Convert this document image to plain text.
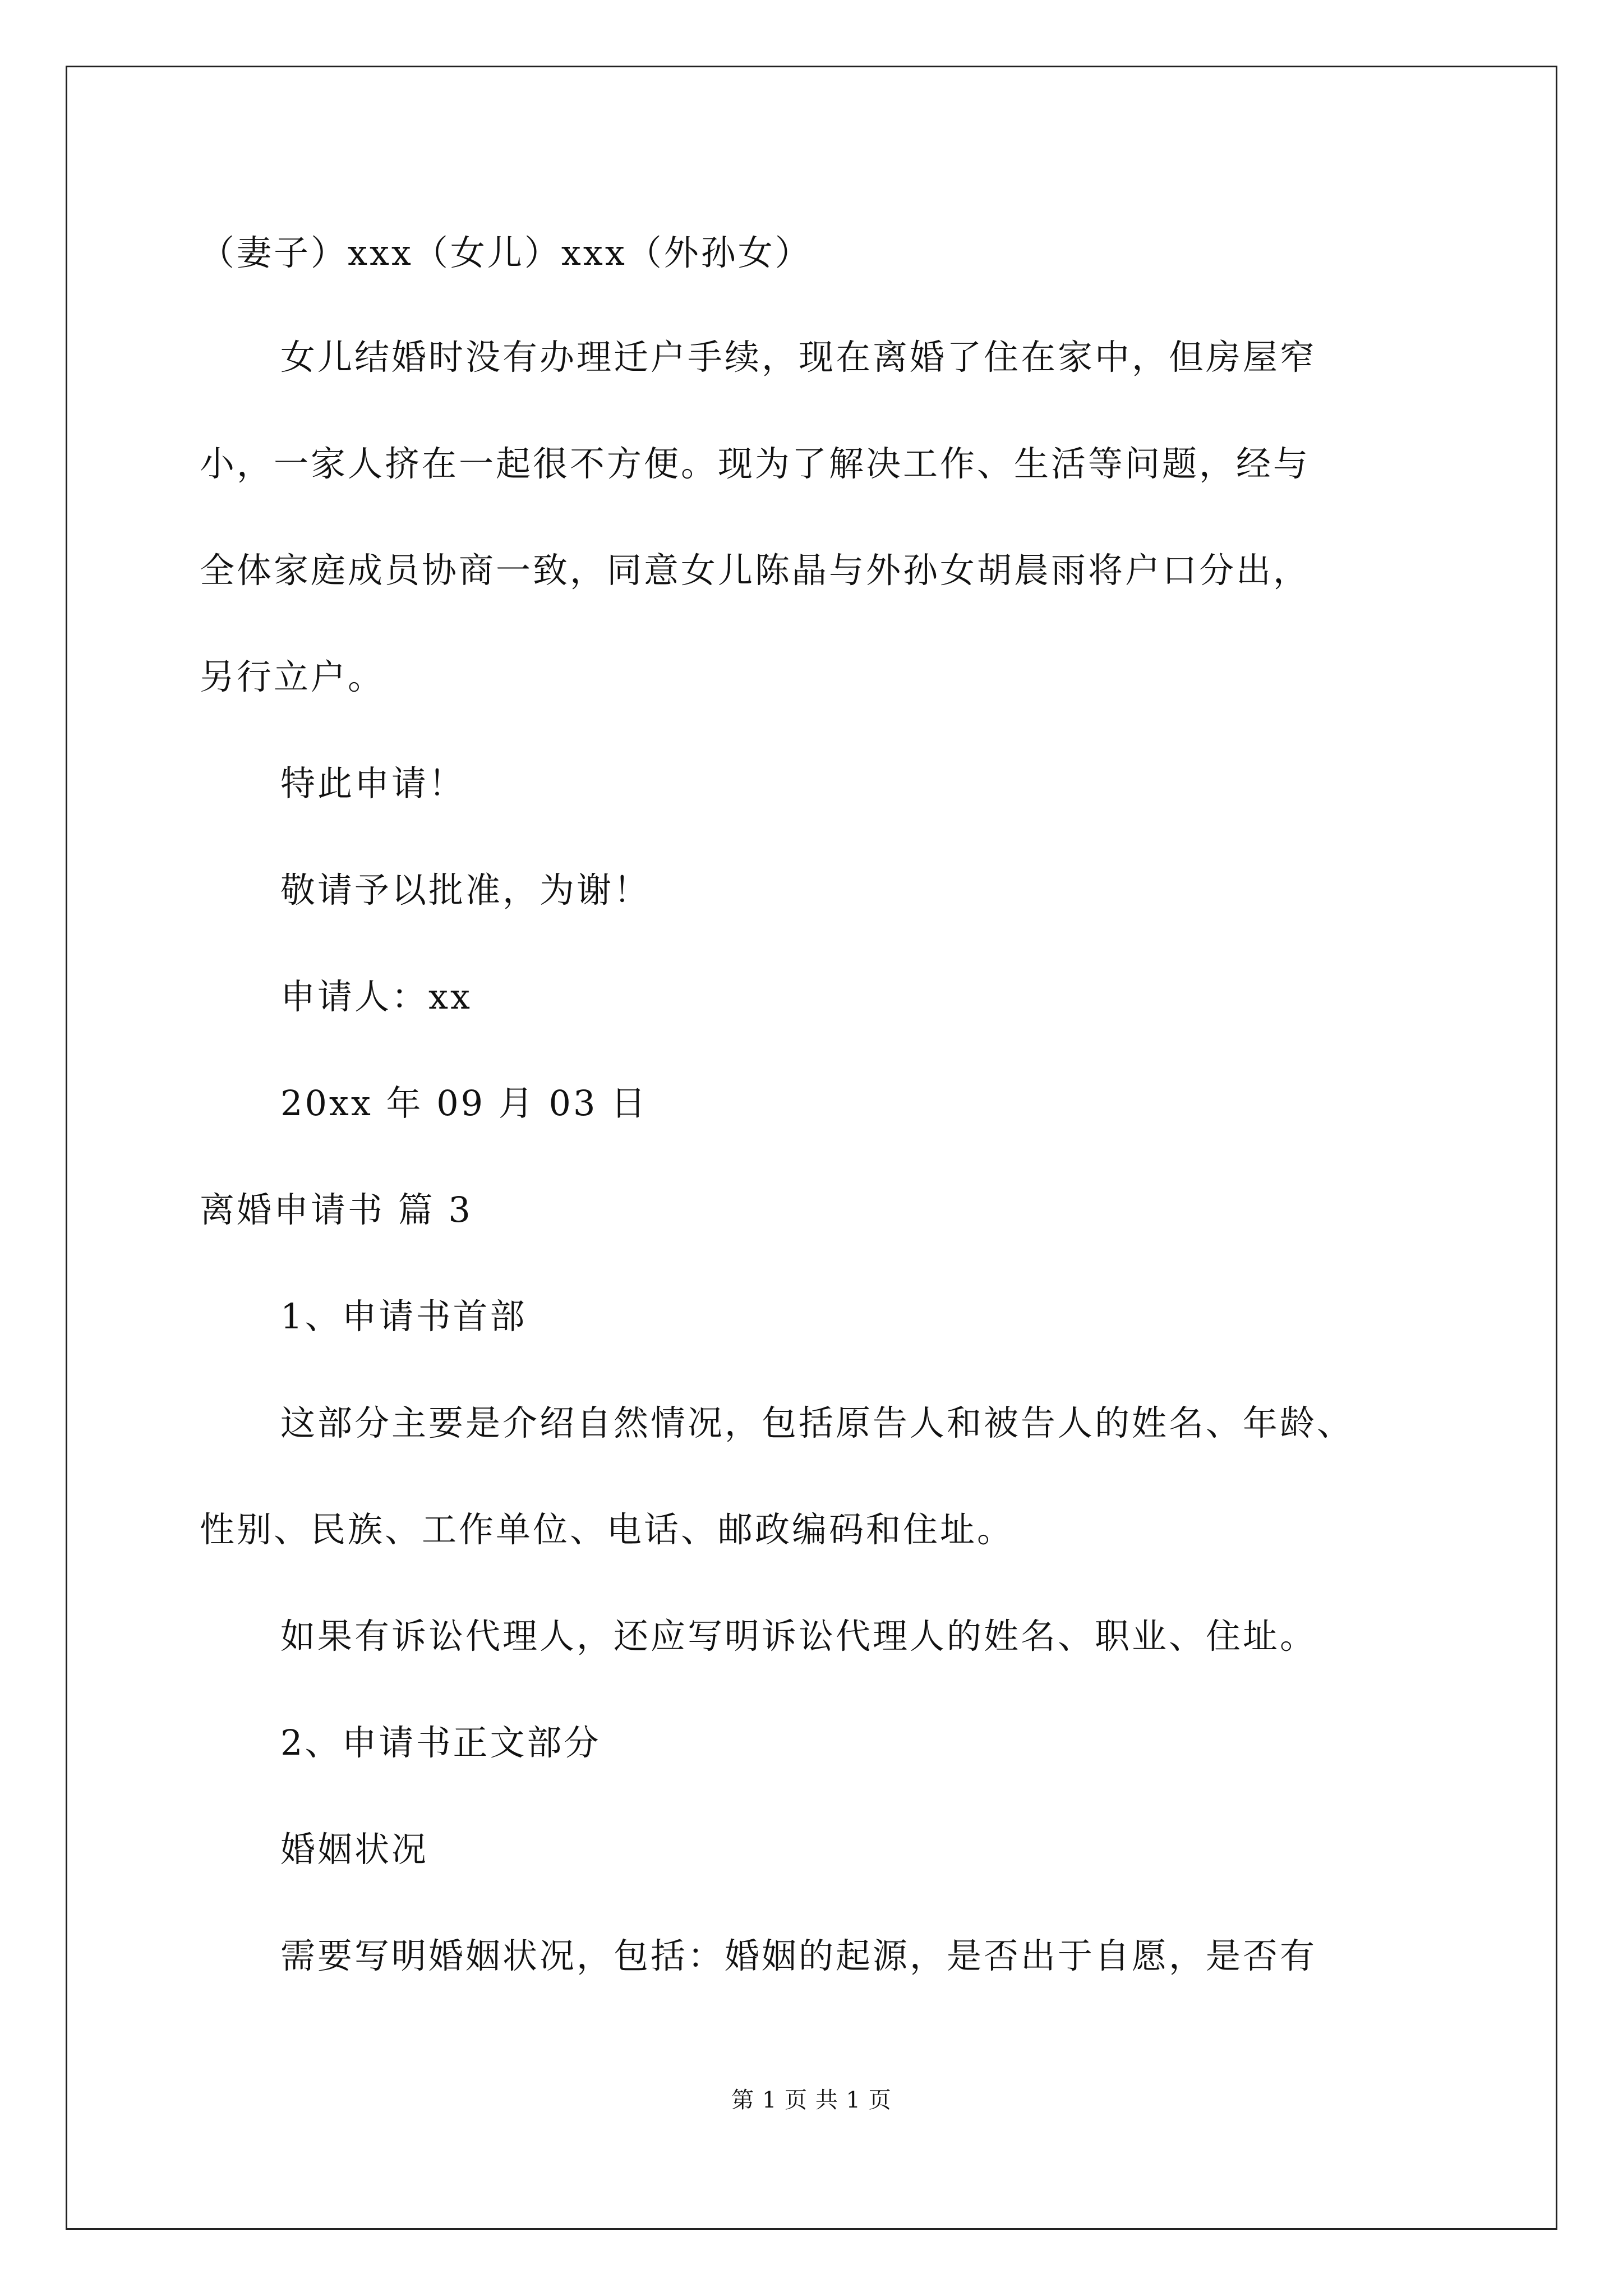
（妻子）xxx（女儿）xxx（外孙女）
女儿结婚时没有办理迁户手续，现在离婚了住在家中，但房屋窄
小，一家人挤在一起很不方便。现为了解决工作、生活等问题，经与
全体家庭成员协商一致，同意女儿陈晶与外孙女胡晨雨将户口分出，
另行立户。
特此申请！
敬请予以批准，为谢！
申请人：xx
20xx 年 09 月 03 日
离婚申请书 篇 3
1、申请书首部
这部分主要是介绍自然情况，包括原告人和被告人的姓名、年龄、
性别、民族、工作单位、电话、邮政编码和住址。
如果有诉讼代理人，还应写明诉讼代理人的姓名、职业、住址。
2、申请书正文部分
婚姻状况
需要写明婚姻状况，包括：婚姻的起源，是否出于自愿，是否有
第 1 页 共 1 页
